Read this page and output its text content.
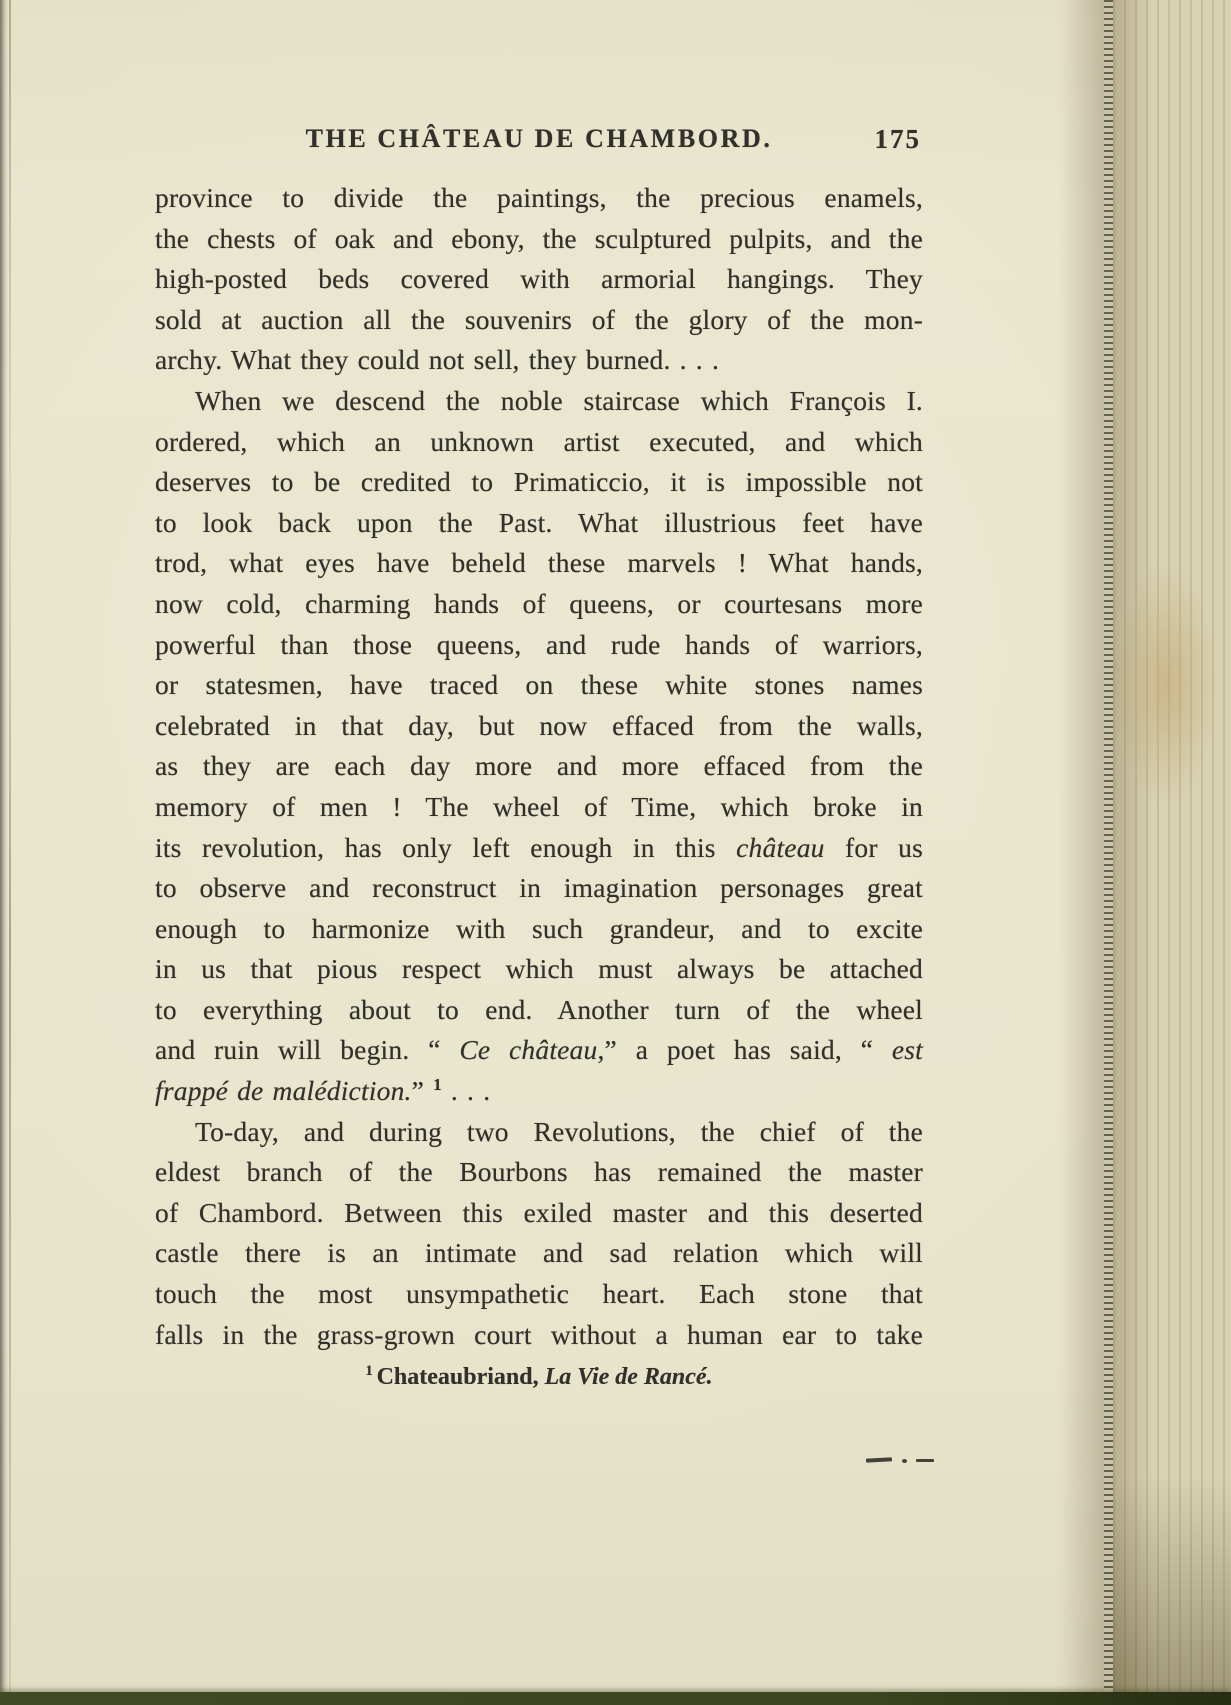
THE CHÂTEAU DE CHAMBORD.	175
province to divide the paintings, the precious enamels,
the chests of oak and ebony, the sculptured pulpits, and the
high-posted beds covered with armorial hangings. They
sold at auction all the souvenirs of the glory of the mon-
archy. What they could not sell, they burned. . . .
When we descend the noble staircase which François I.
ordered, which an unknown artist executed, and which
deserves to be credited to Primaticcio, it is impossible not
to look back upon the Past. What illustrious feet have
trod, what eyes have beheld these marvels ! What hands,
now cold, charming hands of queens, or courtesans more
powerful than those queens, and rude hands of warriors,
or statesmen, have traced on these white stones names
celebrated in that day, but now effaced from the walls,
as they are each day more and more effaced from the
memory of men ! The wheel of Time, which broke in
its revolution, has only left enough in this château for us
to observe and reconstruct in imagination personages great
enough to harmonize with such grandeur, and to excite
in us that pious respect which must always be attached
to everything about to end. Another turn of the wheel
and ruin will begin. “ Ce château,” a poet has said, “ est
frappé de malédiction.” $^1$ . . .
To-day, and during two Revolutions, the chief of the
eldest branch of the Bourbons has remained the master
of Chambord. Between this exiled master and this deserted
castle there is an intimate and sad relation which will
touch the most unsympathetic heart. Each stone that
falls in the grass-grown court without a human ear to take
$^1$ Chateaubriand, La Vie de Rancé.
